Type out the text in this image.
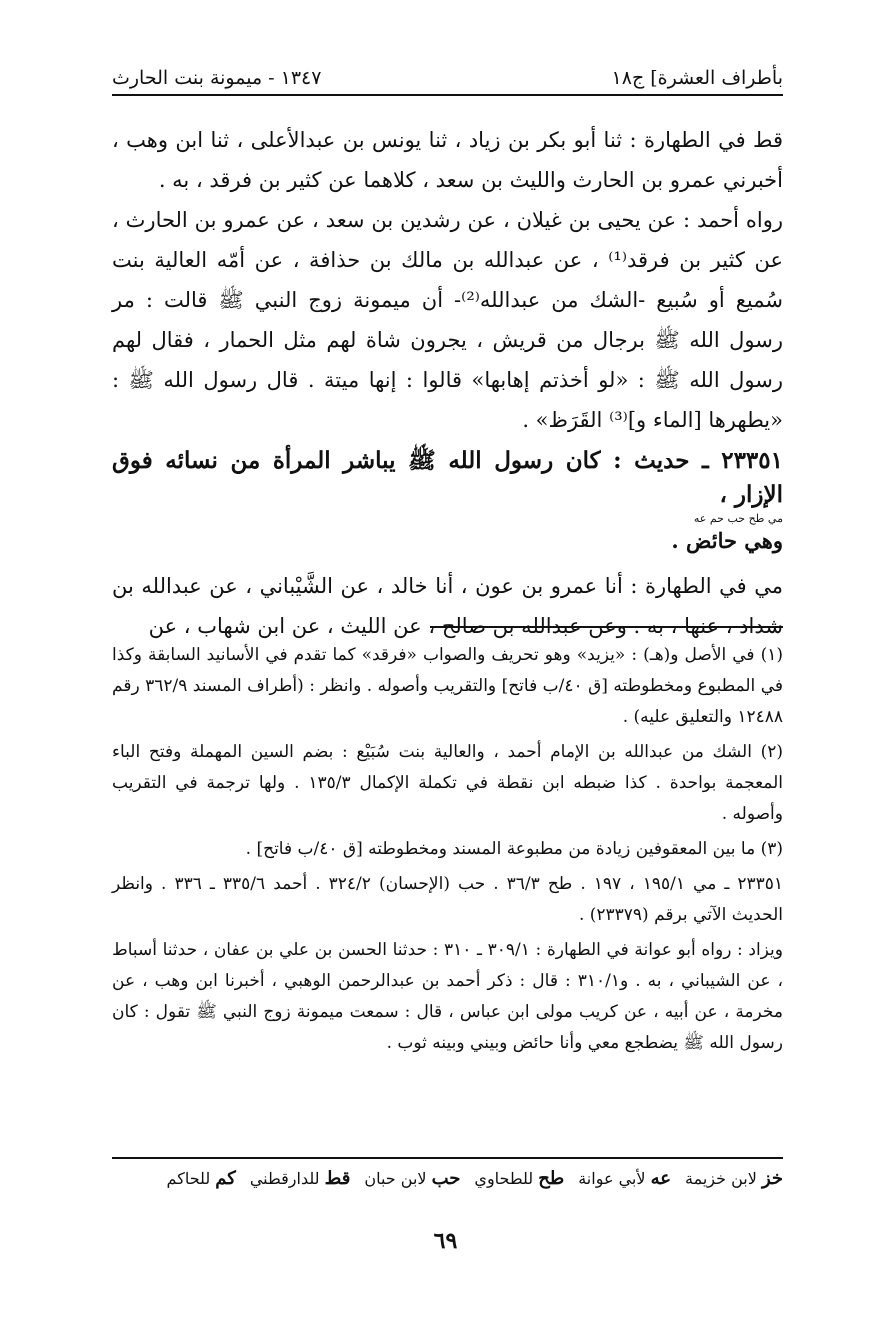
بأطراف العشرة] ج١٨
١٣٤٧ - ميمونة بنت الحارث

قط في الطهارة : ثنا أبو بكر بن زياد ، ثنا يونس بن عبدالأعلى ، ثنا ابن وهب ، أخبرني عمرو بن الحارث والليث بن سعد ، كلاهما عن كثير بن فرقد ، به .

رواه أحمد : عن يحيى بن غيلان ، عن رشدين بن سعد ، عن عمرو بن الحارث ، عن كثير بن فرقد⁽¹⁾ ، عن عبدالله بن مالك بن حذافة ، عن أمّه العالية بنت سُميع أو سُبيع -الشك من عبدالله⁽²⁾- أن ميمونة زوج النبي ﷺ قالت : مر رسول الله ﷺ برجال من قريش ، يجرون شاة لهم مثل الحمار ، فقال لهم رسول الله ﷺ : «لو أخذتم إهابها» قالوا : إنها ميتة . قال رسول الله ﷺ : «يطهرها [الماء و]⁽³⁾ القَرَظ» .

٢٣٣٥١ ـ حديث : كان رسول الله ﷺ يباشر المرأة من نسائه فوق الإزار ،

مي طح حب حم عه

وهي حائض .

مي في الطهارة : أنا عمرو بن عون ، أنا خالد ، عن الشَّيْباني ، عن عبدالله بن شداد ، عنها ، به . وعن عبدالله بن صالح ، عن الليث ، عن ابن شهاب ، عن

(١) في الأصل و(هـ) : «يزيد» وهو تحريف والصواب «فرقد» كما تقدم في الأسانيد السابقة وكذا في المطبوع ومخطوطته [ق ٤٠/ب فاتح] والتقريب وأصوله . وانظر : (أطراف المسند ٣٦٢/٩ رقم ١٢٤٨٨ والتعليق عليه) .

(٢) الشك من عبدالله بن الإمام أحمد ، والعالية بنت سُبَيْع : بضم السين المهملة وفتح الباء المعجمة بواحدة . كذا ضبطه ابن نقطة في تكملة الإكمال ١٣٥/٣ . ولها ترجمة في التقريب وأصوله .

(٣) ما بين المعقوفين زيادة من مطبوعة المسند ومخطوطته [ق ٤٠/ب فاتح] .

٢٣٣٥١ ـ مي ١٩٥/١ ، ١٩٧ . طح ٣٦/٣ . حب (الإحسان) ٣٢٤/٢ . أحمد ٣٣٥/٦ ـ ٣٣٦ . وانظر الحديث الآتي برقم (٢٣٣٧٩) .

ويزاد : رواه أبو عوانة في الطهارة : ٣٠٩/١ ـ ٣١٠ : حدثنا الحسن بن علي بن عفان ، حدثنا أسباط ، عن الشيباني ، به . و٣١٠/١ : قال : ذكر أحمد بن عبدالرحمن الوهبي ، أخبرنا ابن وهب ، عن مخرمة ، عن أبيه ، عن كريب مولى ابن عباس ، قال : سمعت ميمونة زوج النبي ﷺ تقول : كان رسول الله ﷺ يضطجع معي وأنا حائض وبيني وبينه ثوب .

خز لابن خزيمة
عه لأبي عوانة
طح للطحاوي
حب لابن حبان
قط للدارقطني
كم للحاكم
٦٩
